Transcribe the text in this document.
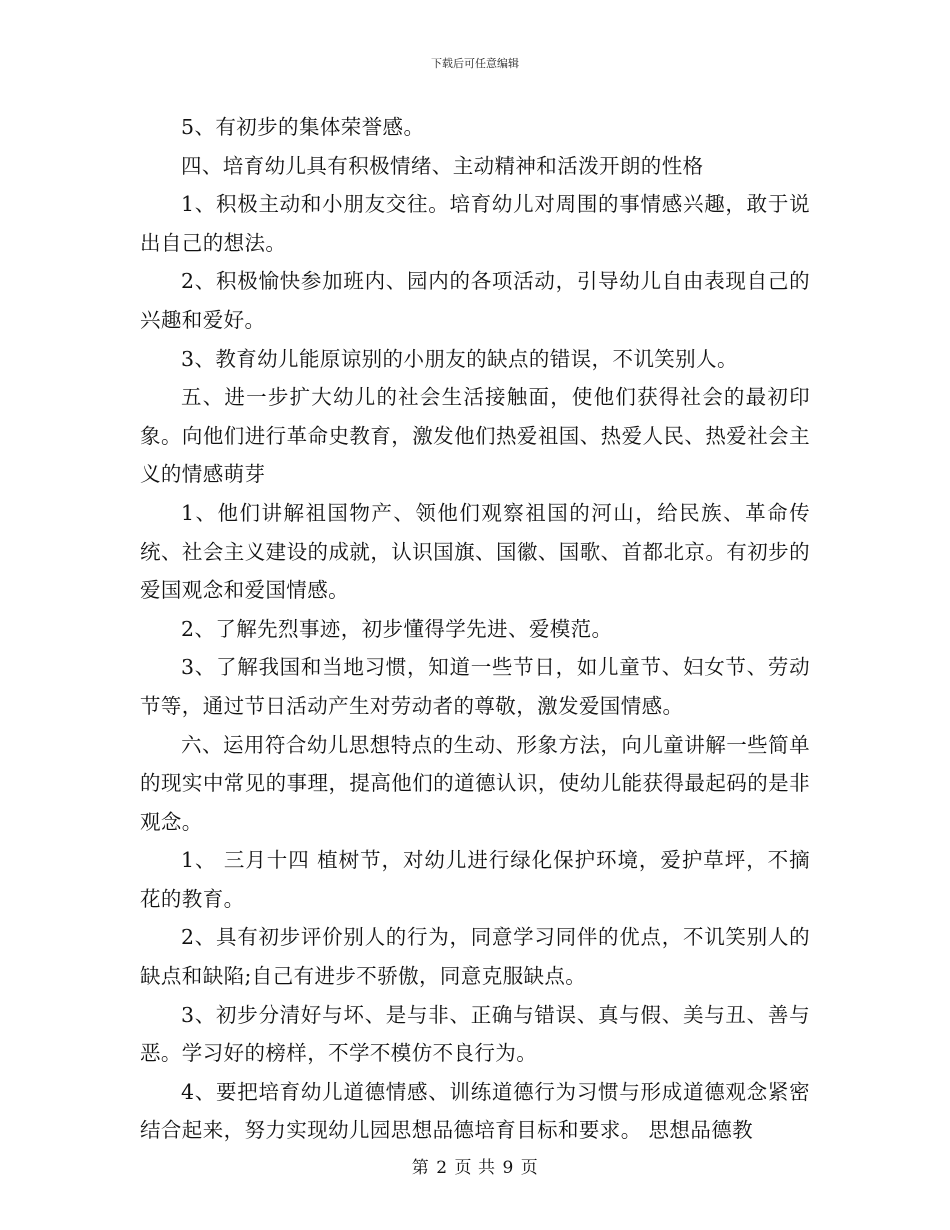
下载后可任意编辑

5、有初步的集体荣誉感。

四、培育幼儿具有积极情绪、主动精神和活泼开朗的性格

1、积极主动和小朋友交往。培育幼儿对周围的事情感兴趣，敢于说出自己的想法。

2、积极愉快参加班内、园内的各项活动，引导幼儿自由表现自己的兴趣和爱好。

3、教育幼儿能原谅别的小朋友的缺点的错误，不讥笑别人。

五、进一步扩大幼儿的社会生活接触面，使他们获得社会的最初印象。向他们进行革命史教育，激发他们热爱祖国、热爱人民、热爱社会主义的情感萌芽

1、他们讲解祖国物产、领他们观察祖国的河山，给民族、革命传统、社会主义建设的成就，认识国旗、国徽、国歌、首都北京。有初步的爱国观念和爱国情感。

2、了解先烈事迹，初步懂得学先进、爱模范。

3、了解我国和当地习惯，知道一些节日，如儿童节、妇女节、劳动节等，通过节日活动产生对劳动者的尊敬，激发爱国情感。

六、运用符合幼儿思想特点的生动、形象方法，向儿童讲解一些简单的现实中常见的事理，提高他们的道德认识，使幼儿能获得最起码的是非观念。

1、 三月十四 植树节，对幼儿进行绿化保护环境，爱护草坪，不摘花的教育。

2、具有初步评价别人的行为，同意学习同伴的优点，不讥笑别人的缺点和缺陷;自己有进步不骄傲，同意克服缺点。

3、初步分清好与坏、是与非、正确与错误、真与假、美与丑、善与恶。学习好的榜样，不学不模仿不良行为。

4、要把培育幼儿道德情感、训练道德行为习惯与形成道德观念紧密结合起来，努力实现幼儿园思想品德培育目标和要求。 思想品德教

第 2 页 共 9 页
